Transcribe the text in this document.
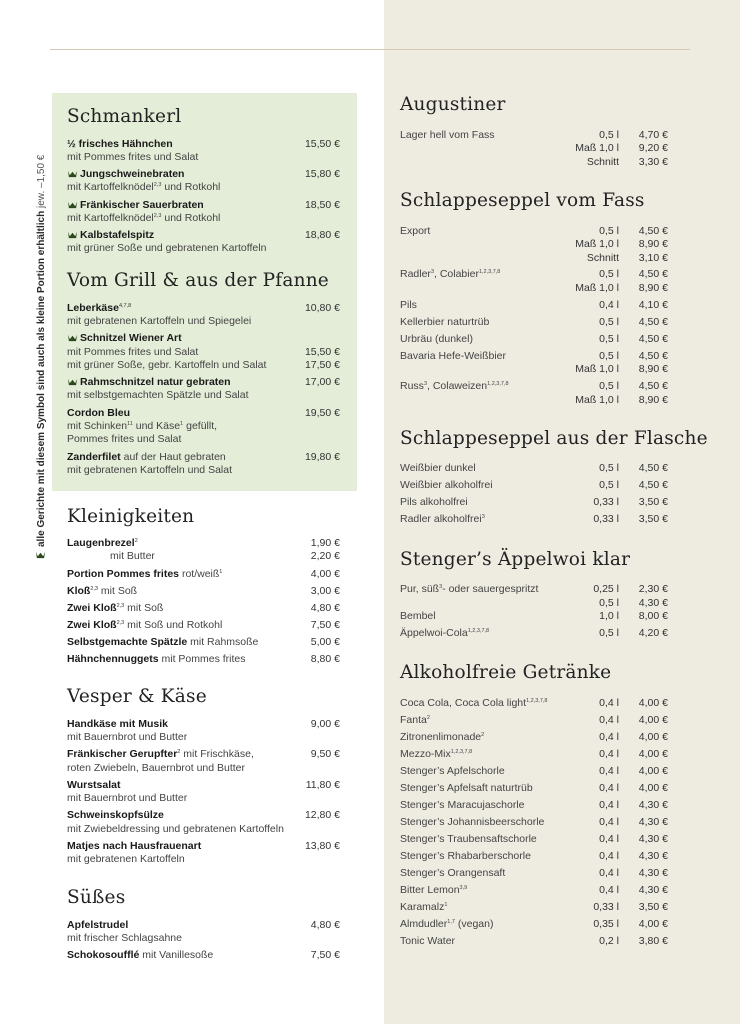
alle Gerichte mit diesem Symbol sind auch als kleine Portion erhältlich jew. –1,50 €
Schmankerl
½ frisches Hähnchen	15,50 €
mit Pommes frites und Salat
Jungschweinebraten	15,80 €
mit Kartoffelknödel$^{2,3}$ und Rotkohl
Fränkischer Sauerbraten	18,50 €
mit Kartoffelknödel$^{2,3}$ und Rotkohl
Kalbstafelspitz	18,80 €
mit grüner Soße und gebratenen Kartoffeln
Vom Grill & aus der Pfanne
Leberkäse$^{4,7,8}$	10,80 €
mit gebratenen Kartoffeln und Spiegelei
Schnitzel Wiener Art
mit Pommes frites und Salat	15,50 €
mit grüner Soße, gebr. Kartoffeln und Salat	17,50 €
Rahmschnitzel natur gebraten	17,00 €
mit selbstgemachten Spätzle und Salat
Cordon Bleu	19,50 €
mit Schinken$^{11}$ und Käse$^1$ gefüllt,
Pommes frites und Salat
Zanderfilet auf der Haut gebraten	19,80 €
mit gebratenen Kartoffeln und Salat
Kleinigkeiten
Laugenbrezel$^2$	1,90 €
mit Butter	2,20 €
Portion Pommes frites rot/weiß$^1$	4,00 €
Kloß$^{2,3}$ mit Soß	3,00 €
Zwei Kloß$^{2,3}$ mit Soß	4,80 €
Zwei Kloß$^{2,3}$ mit Soß und Rotkohl	7,50 €
Selbstgemachte Spätzle mit Rahmsoße	5,00 €
Hähnchennuggets mit Pommes frites	8,80 €
Vesper & Käse
Handkäse mit Musik	9,00 €
mit Bauernbrot und Butter
Fränkischer Gerupfter$^2$ mit Frischkäse,	9,50 €
roten Zwiebeln, Bauernbrot und Butter
Wurstsalat	11,80 €
mit Bauernbrot und Butter
Schweinskopfsülze	12,80 €
mit Zwiebeldressing und gebratenen Kartoffeln
Matjes nach Hausfrauenart	13,80 €
mit gebratenen Kartoffeln
Süßes
Apfelstrudel	4,80 €
mit frischer Schlagsahne
Schokosoufflé mit Vanillesoße	7,50 €
Augustiner
Lager hell vom Fass	0,5 l 4,70 €
Maß 1,0 l 9,20 €
Schnitt 3,30 €
Schlappeseppel vom Fass
Export	0,5 l 4,50 €
Maß 1,0 l 8,90 €
Schnitt 3,10 €
Radler$^3$, Colabier$^{1,2,3,7,8}$	0,5 l 4,50 €
Maß 1,0 l 8,90 €
Pils	0,4 l 4,10 €
Kellerbier naturtrüb	0,5 l 4,50 €
Urbräu (dunkel)	0,5 l 4,50 €
Bavaria Hefe-Weißbier	0,5 l 4,50 €
Maß 1,0 l 8,90 €
Russ$^3$, Colaweizen$^{1,2,3,7,8}$	0,5 l 4,50 €
Maß 1,0 l 8,90 €
Schlappeseppel aus der Flasche
Weißbier dunkel	0,5 l 4,50 €
Weißbier alkoholfrei	0,5 l 4,50 €
Pils alkoholfrei	0,33 l 3,50 €
Radler alkoholfrei$^3$	0,33 l 3,50 €
Stenger’s Äppelwoi klar
Pur, süß$^3$- oder sauergespritzt	0,25 l 2,30 €
0,5 l 4,30 €
Bembel	1,0 l 8,00 €
Äppelwoi-Cola$^{1,2,3,7,8}$	0,5 l 4,20 €
Alkoholfreie Getränke
Coca Cola, Coca Cola light$^{1,2,3,7,8}$	0,4 l 4,00 €
Fanta$^2$	0,4 l 4,00 €
Zitronenlimonade$^2$	0,4 l 4,00 €
Mezzo-Mix$^{1,2,3,7,8}$	0,4 l 4,00 €
Stenger’s Apfelschorle	0,4 l 4,00 €
Stenger’s Apfelsaft naturtrüb	0,4 l 4,00 €
Stenger’s Maracujaschorle	0,4 l 4,30 €
Stenger’s Johannisbeerschorle	0,4 l 4,30 €
Stenger’s Traubensaftschorle	0,4 l 4,30 €
Stenger’s Rhabarberschorle	0,4 l 4,30 €
Stenger’s Orangensaft	0,4 l 4,30 €
Bitter Lemon$^{3,9}$	0,4 l 4,30 €
Karamalz$^1$	0,33 l 3,50 €
Almdudler$^{1,7}$ (vegan)	0,35 l 4,00 €
Tonic Water	0,2 l 3,80 €
